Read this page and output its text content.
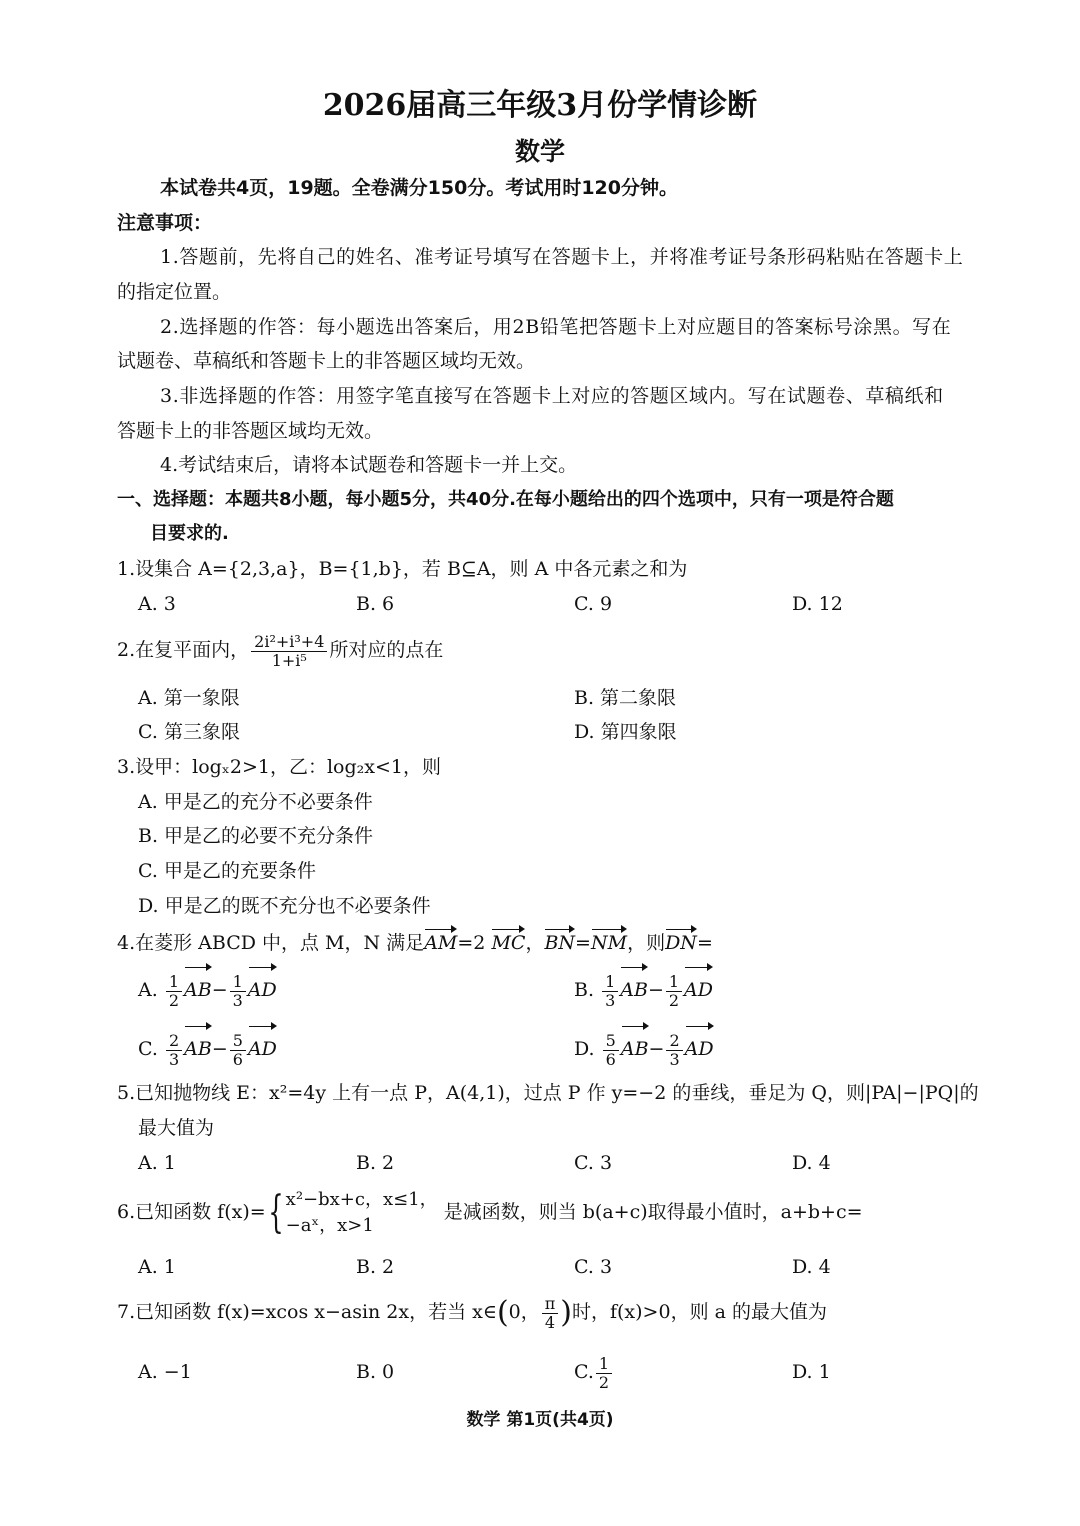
2026届高三年级3月份学情诊断
数学
本试卷共4页，19题。全卷满分150分。考试用时120分钟。
注意事项：
1.答题前，先将自己的姓名、准考证号填写在答题卡上，并将准考证号条形码粘贴在答题卡上
的指定位置。
2.选择题的作答：每小题选出答案后，用2B铅笔把答题卡上对应题目的答案标号涂黑。写在
试题卷、草稿纸和答题卡上的非答题区域均无效。
3.非选择题的作答：用签字笔直接写在答题卡上对应的答题区域内。写在试题卷、草稿纸和
答题卡上的非答题区域均无效。
4.考试结束后，请将本试题卷和答题卡一并上交。
一、选择题：本题共8小题，每小题5分，共40分.在每小题给出的四个选项中，只有一项是符合题
目要求的.
1.设集合 A={2,3,a}，B={1,b}，若 B⊆A，则 A 中各元素之和为
A. 3	B. 6	C. 9	D. 12
2.在复平面内， $\frac{\text{2i²+i³+4}}{\text{1+i⁵}}$ 所对应的点在
A. 第一象限	B. 第二象限
C. 第三象限	D. 第四象限
3.设甲：logₓ2>1，乙：log₂x<1，则
A. 甲是乙的充分不必要条件
B. 甲是乙的必要不充分条件
C. 甲是乙的充要条件
D. 甲是乙的既不充分也不必要条件
4.在菱形 ABCD 中，点 M，N 满足AM=2 MC，BN=NM，则DN=
A. $\frac{1}{2} AB- \frac{1}{3}$ AD	B. $\frac{1}{3} AB- \frac{1}{2}$ AD
C. $\frac{2}{3} AB- \frac{5}{6}$ AD	D. $\frac{5}{6} AB- \frac{2}{3}$ AD
5.已知抛物线 E：x²=4y 上有一点 P，A(4,1)，过点 P 作 y=−2 的垂线，垂足为 Q，则|PA|−|PQ|的
最大值为
A. 1	B. 2	C. 3	D. 4
6.已知函数 f(x)={ x²−bx+c，x≤1，
−aˣ，x>1
是减函数，则当 b(a+c)取得最小值时，a+b+c=
A. 1	B. 2	C. 3	D. 4
7.已知函数 f(x)=xcos x−asin 2x，若当 x∈(0， $\frac{\pi}{4}$ )时，f(x)>0，则 a 的最大值为
A. −1	B. 0	C. $\frac{1}{2}$	D. 1
数学 第1页(共4页)
